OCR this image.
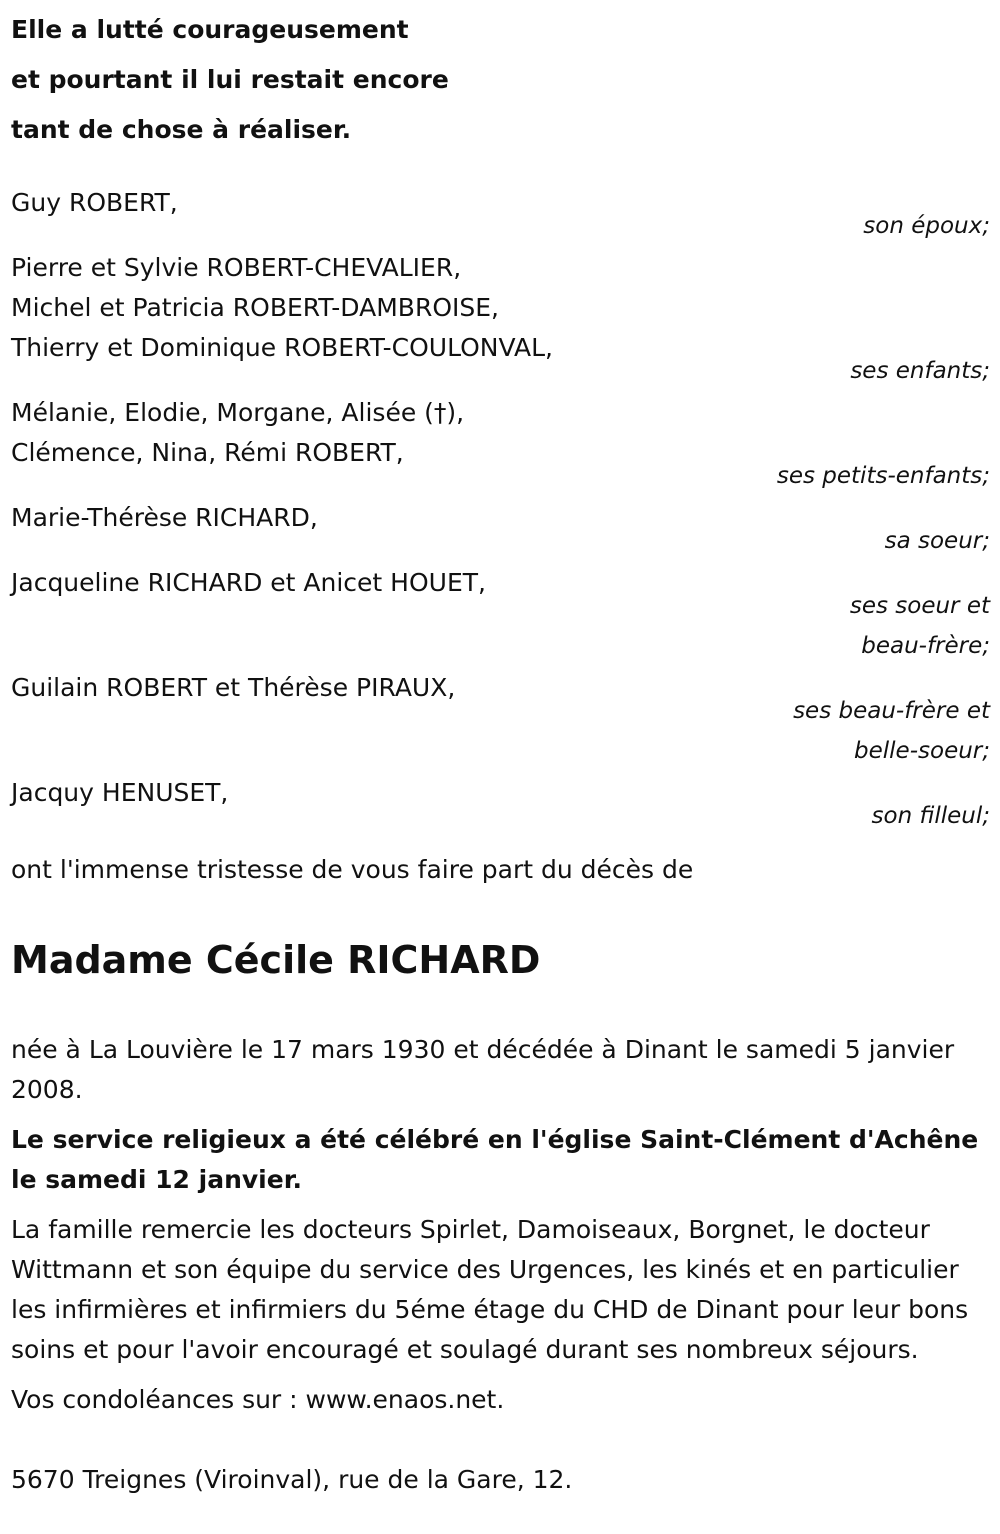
Elle a lutté courageusement
et pourtant il lui restait encore
tant de chose à réaliser.
Guy ROBERT,
son époux;
Pierre et Sylvie ROBERT-CHEVALIER,
Michel et Patricia ROBERT-DAMBROISE,
Thierry et Dominique ROBERT-COULONVAL,
ses enfants;
Mélanie, Elodie, Morgane, Alisée (†),
Clémence, Nina, Rémi ROBERT,
ses petits-enfants;
Marie-Thérèse RICHARD,
sa soeur;
Jacqueline RICHARD et Anicet HOUET,
ses soeur et
beau-frère;
Guilain ROBERT et Thérèse PIRAUX,
ses beau-frère et
belle-soeur;
Jacquy HENUSET,
son filleul;
ont l'immense tristesse de vous faire part du décès de
Madame Cécile RICHARD

née à La Louvière le 17 mars 1930 et décédée à Dinant le samedi 5 janvier 2008.

Le service religieux a été célébré en l'église Saint-Clément d'Achêne le samedi 12 janvier.

La famille remercie les docteurs Spirlet, Damoiseaux, Borgnet, le docteur Wittmann et son équipe du service des Urgences, les kinés et en particulier les infirmières et infirmiers du 5éme étage du CHD de Dinant pour leur bons soins et pour l'avoir encouragé et soulagé durant ses nombreux séjours.

Vos condoléances sur : www.enaos.net.

5670 Treignes (Viroinval), rue de la Gare, 12.
